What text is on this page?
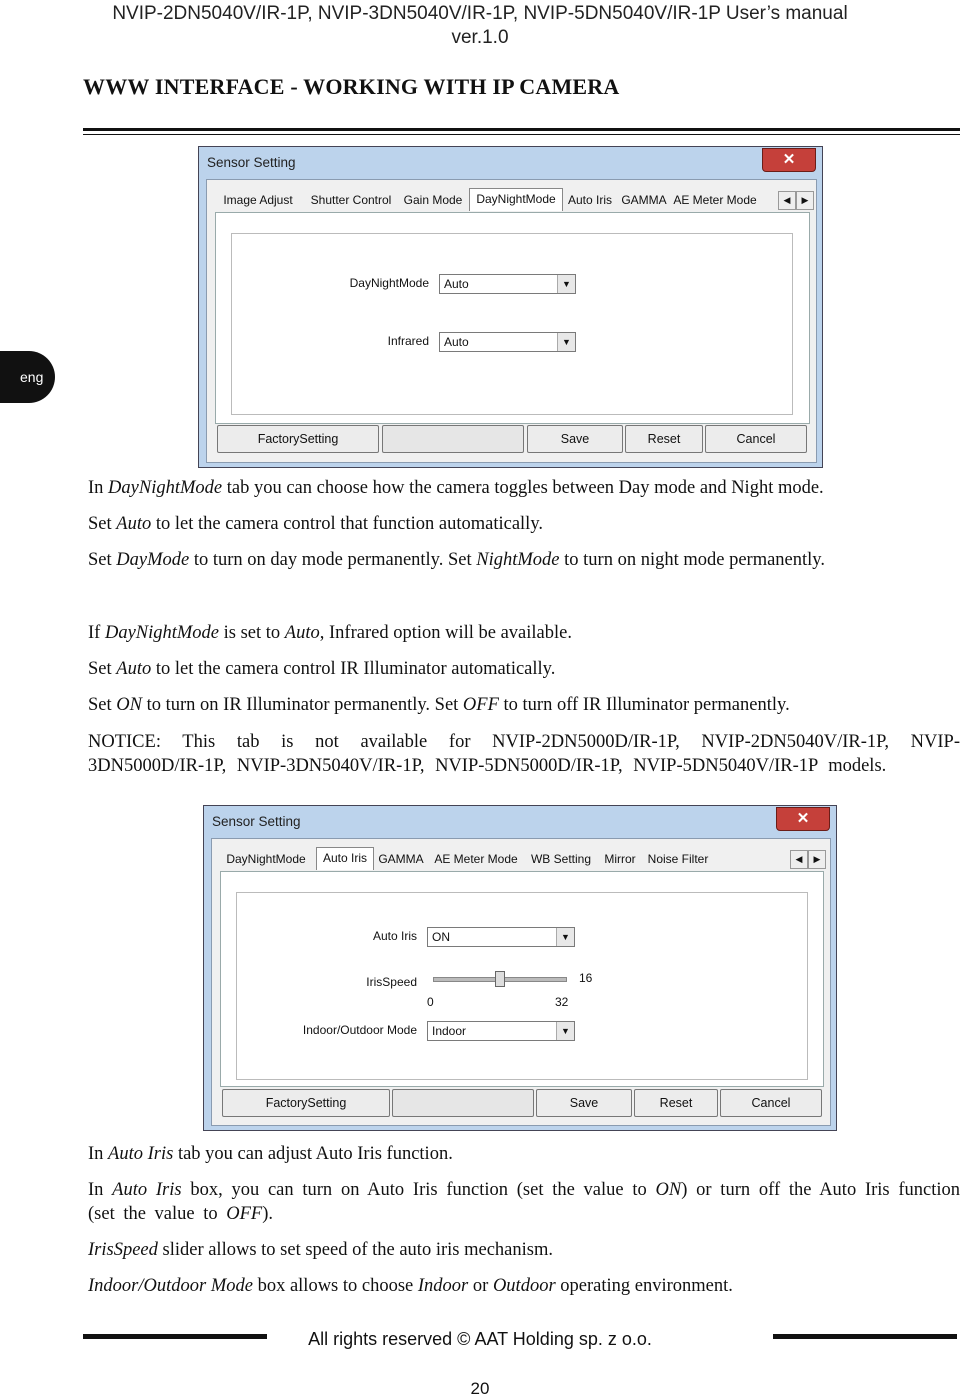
NVIP-2DN5040V/IR-1P, NVIP-3DN5040V/IR-1P, NVIP-5DN5040V/IR-1P User’s manual
ver.1.0
WWW INTERFACE - WORKING WITH IP CAMERA
eng
Sensor Setting	✕
Image Adjust	Shutter Control	Gain Mode	DayNightMode	Auto Iris GAMMA AE Meter Mode	◀	▶
DayNightMode Auto	▼
Infrared Auto	▼
FactorySetting	Save	Reset	Cancel
In DayNightMode tab you can choose how the camera toggles between Day mode and Night mode.
Set Auto to let the camera control that function automatically.
Set DayMode to turn on day mode permanently. Set NightMode to turn on night mode permanently.
If DayNightMode is set to Auto, Infrared option will be available.
Set Auto to let the camera control IR Illuminator automatically.
Set ON to turn on IR Illuminator permanently. Set OFF to turn off IR Illuminator permanently.
NOTICE: This tab is not available for NVIP-2DN5000D/IR-1P, NVIP-2DN5040V/IR-1P, NVIP-3DN5000D/IR-1P, NVIP-3DN5040V/IR-1P, NVIP-5DN5000D/IR-1P, NVIP-5DN5040V/IR-1P models.
Sensor Setting	✕
DayNightMode	Auto Iris GAMMA AE Meter Mode	WB Setting	Mirror	Noise Filter	◀	▶
Auto Iris ON	▼
IrisSpeed	16
0	32
Indoor/Outdoor Mode Indoor	▼
FactorySetting	Save	Reset	Cancel
In Auto Iris tab you can adjust Auto Iris function.
In Auto Iris box, you can turn on Auto Iris function (set the value to ON) or turn off the Auto Iris function (set the value to OFF).
IrisSpeed slider allows to set speed of the auto iris mechanism.
Indoor/Outdoor Mode box allows to choose Indoor or Outdoor operating environment.
All rights reserved © AAT Holding sp. z o.o.
20
